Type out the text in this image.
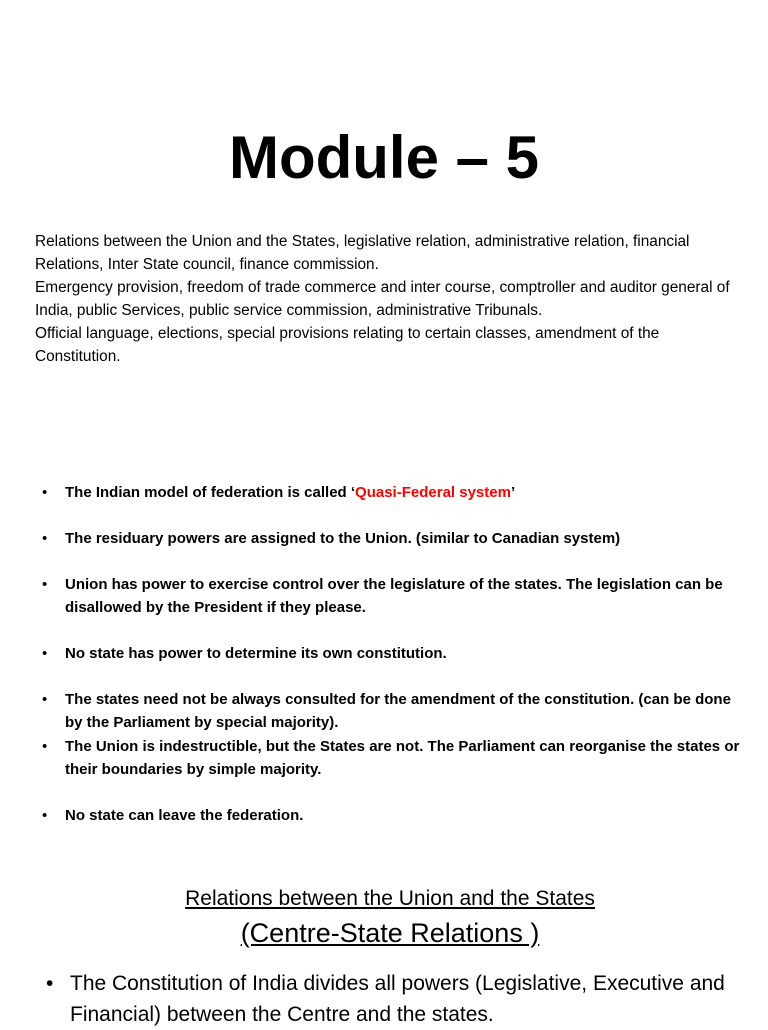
Module – 5

Relations between the Union and the States, legislative relation, administrative relation, financial Relations, Inter State council, finance commission.

Emergency provision, freedom of trade commerce and inter course, comptroller and auditor general of India, public Services, public service commission, administrative Tribunals.

Official language, elections, special provisions relating to certain classes, amendment of the Constitution.

• The Indian model of federation is called ‘Quasi-Federal system’
• The residuary powers are assigned to the Union. (similar to Canadian system)
• Union has power to exercise control over the legislature of the states. The legislation can be disallowed by the President if they please.
• No state has power to determine its own constitution.
• The states need not be always consulted for the amendment of the constitution. (can be done by the Parliament by special majority).
• The Union is indestructible, but the States are not. The Parliament can reorganise the states or their boundaries by simple majority.
• No state can leave the federation.
Relations between the Union and the States
(Centre-State Relations )
• The Constitution of India divides all powers (Legislative, Executive and Financial) between the Centre and the states.
